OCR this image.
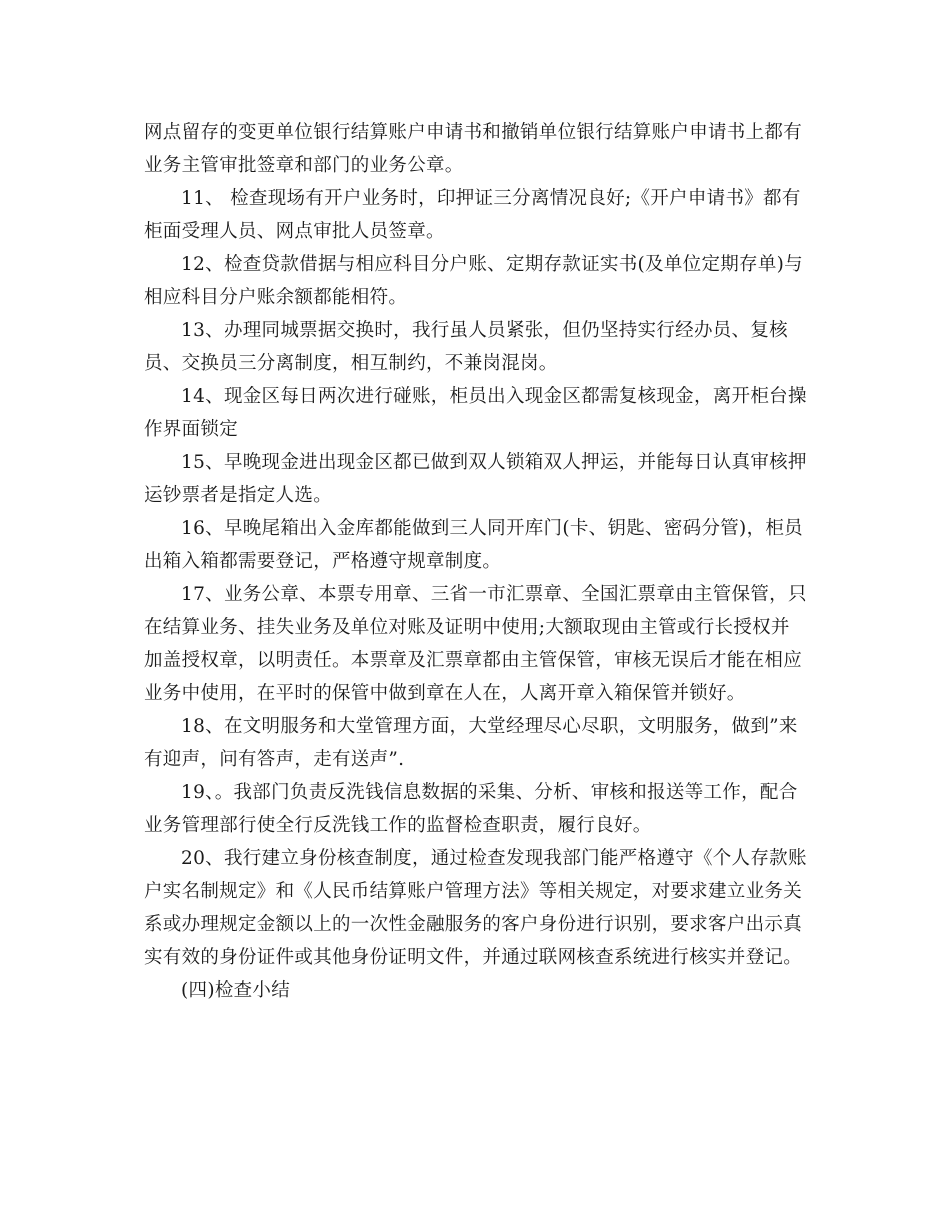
网点留存的变更单位银行结算账户申请书和撤销单位银行结算账户申请书上都有业务主管审批签章和部门的业务公章。

11、 检查现场有开户业务时，印押证三分离情况良好;《开户申请书》都有柜面受理人员、网点审批人员签章。

12、检查贷款借据与相应科目分户账、定期存款证实书(及单位定期存单)与相应科目分户账余额都能相符。

13、办理同城票据交换时，我行虽人员紧张，但仍坚持实行经办员、复核员、交换员三分离制度，相互制约，不兼岗混岗。

14、现金区每日两次进行碰账，柜员出入现金区都需复核现金，离开柜台操作界面锁定

15、早晚现金进出现金区都已做到双人锁箱双人押运，并能每日认真审核押运钞票者是指定人选。

16、早晚尾箱出入金库都能做到三人同开库门(卡、钥匙、密码分管)，柜员出箱入箱都需要登记，严格遵守规章制度。

17、业务公章、本票专用章、三省一市汇票章、全国汇票章由主管保管，只在结算业务、挂失业务及单位对账及证明中使用;大额取现由主管或行长授权并加盖授权章，以明责任。本票章及汇票章都由主管保管，审核无误后才能在相应业务中使用，在平时的保管中做到章在人在，人离开章入箱保管并锁好。

18、在文明服务和大堂管理方面，大堂经理尽心尽职，文明服务，做到”来有迎声，问有答声，走有送声”.

19、。我部门负责反洗钱信息数据的采集、分析、审核和报送等工作，配合业务管理部行使全行反洗钱工作的监督检查职责，履行良好。

20、我行建立身份核查制度，通过检查发现我部门能严格遵守《个人存款账户实名制规定》和《人民币结算账户管理方法》等相关规定，对要求建立业务关系或办理规定金额以上的一次性金融服务的客户身份进行识别，要求客户出示真实有效的身份证件或其他身份证明文件，并通过联网核查系统进行核实并登记。

(四)检查小结
